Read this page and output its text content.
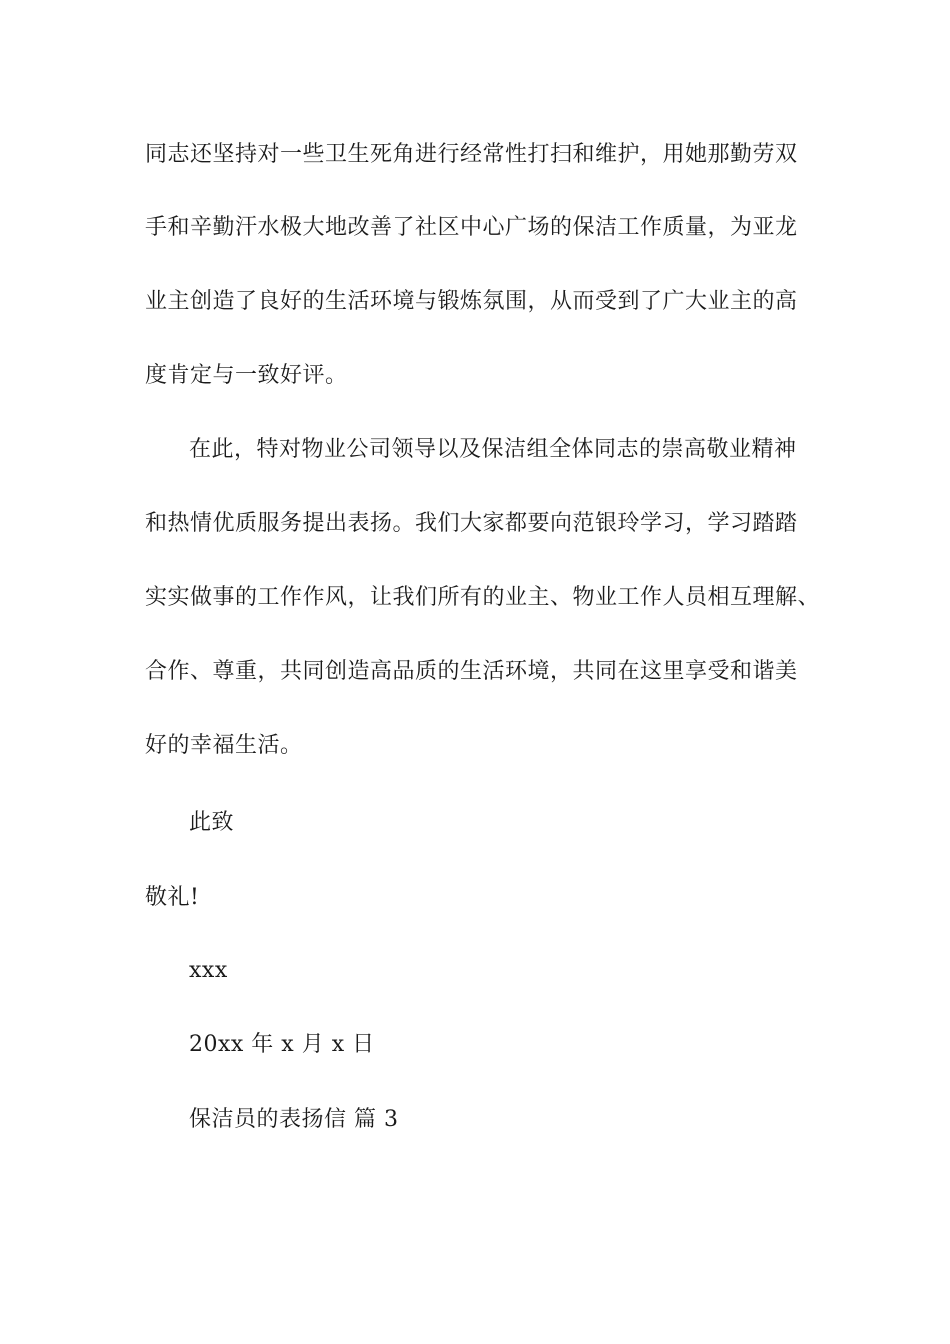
同志还坚持对一些卫生死角进行经常性打扫和维护，用她那勤劳双
手和辛勤汗水极大地改善了社区中心广场的保洁工作质量，为亚龙
业主创造了良好的生活环境与锻炼氛围，从而受到了广大业主的高
度肯定与一致好评。
在此，特对物业公司领导以及保洁组全体同志的崇高敬业精神
和热情优质服务提出表扬。我们大家都要向范银玲学习，学习踏踏
实实做事的工作作风，让我们所有的业主、物业工作人员相互理解、
合作、尊重，共同创造高品质的生活环境，共同在这里享受和谐美
好的幸福生活。
此致
敬礼!
xxx
20xx 年 x 月 x 日
保洁员的表扬信 篇 3
